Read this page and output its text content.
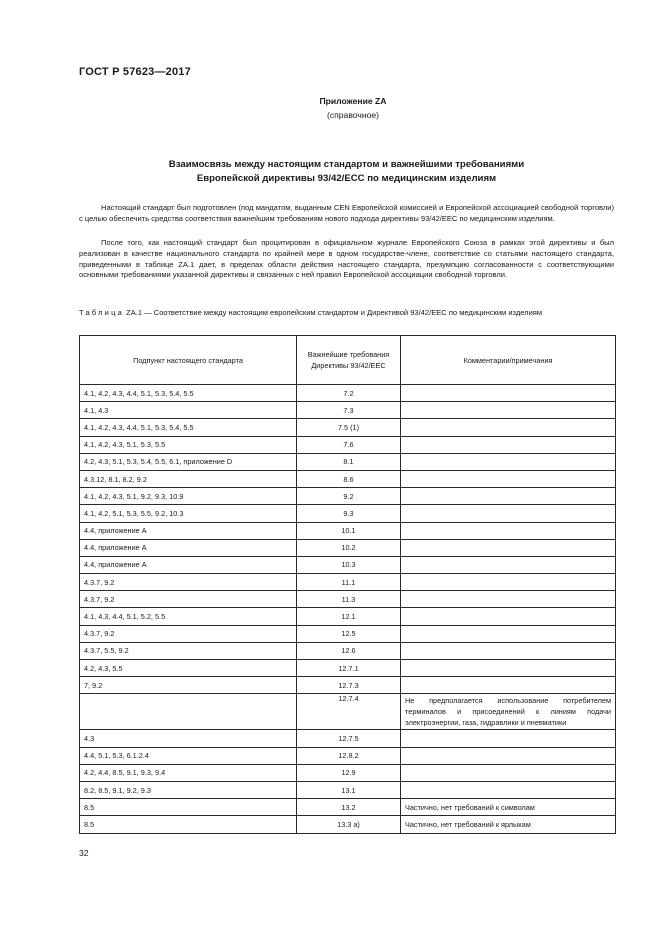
ГОСТ Р 57623—2017
Приложение ZA
(справочное)
Взаимосвязь между настоящим стандартом и важнейшими требованиями
Европейской директивы 93/42/ЕСС по медицинским изделиям
Настоящий стандарт был подготовлен (под мандатом, выданным CEN Европейской комиссией и Европейской ассоциацией свободной торговли) с целью обеспечить средства соответствия важнейшим требованиям нового подхода директивы 93/42/EEC по медицинским изделиям.
После того, как настоящий стандарт был процитирован в официальном журнале Европейского Союза в рамках этой директивы и был реализован в качестве национального стандарта по крайней мере в одном государстве-члене, соответствие со статьями настоящего стандарта, приведенными в таблице ZA.1 дает, в пределах области действия настоящего стандарта, презумпцию согласованности с соответствующими основными требованиями указанной директивы и связанных с ней правил Европейской ассоциации свободной торговли.
Таблица ZA.1 — Соответствие между настоящим европейским стандартом и Директивой 93/42/ЕЕС по медицинским изделиям
Подпункт настоящего стандарта	Важнейшие требования Директивы 93/42/ЕЕС	Комментарии/примечания
4.1, 4.2, 4.3, 4.4, 5.1, 5.3, 5.4, 5.5	7.2	
4.1, 4.3	7.3	
4.1, 4.2, 4.3, 4.4, 5.1, 5.3, 5.4, 5.5	7.5 (1)	
4.1, 4.2, 4.3, 5.1, 5.3, 5.5	7.6	
4.2, 4.3, 5.1, 5.3, 5.4, 5.5, 6.1, приложение D	8.1	
4.3.12, 8.1, 8.2, 9.2	8.6	
4.1, 4.2, 4.3, 5.1, 9.2, 9.3, 10.9	9.2	
4.1, 4.2, 5.1, 5.3, 5.5, 9.2, 10.3	9.3	
4.4, приложение А	10.1	
4.4, приложение А	10.2	
4.4, приложение А	10.3	
4.3.7, 9.2	11.1	
4.3.7, 9.2	11.3	
4.1, 4.3, 4.4, 5.1, 5.2, 5.5	12.1	
4.3.7, 9.2	12.5	
4.3.7, 5.5, 9.2	12.6	
4.2, 4.3, 5.5	12.7.1	
7, 9.2	12.7.3	
	12.7.4	Не предполагается использование потребителем терминалов и присоединений к линиям подачи электроэнергии, газа, гидравлики и пневматики
4.3	12.7.5	
4.4, 5.1, 5.3, 6.1.2.4	12.8.2	
4.2, 4.4, 8.5, 9.1, 9.3, 9.4	12.9	
8.2, 8.5, 9.1, 9.2, 9.3	13.1	
8.5	13.2	Частично, нет требований к символам
8.5	13.3 а)	Частично, нет требований к ярлыкам
32
